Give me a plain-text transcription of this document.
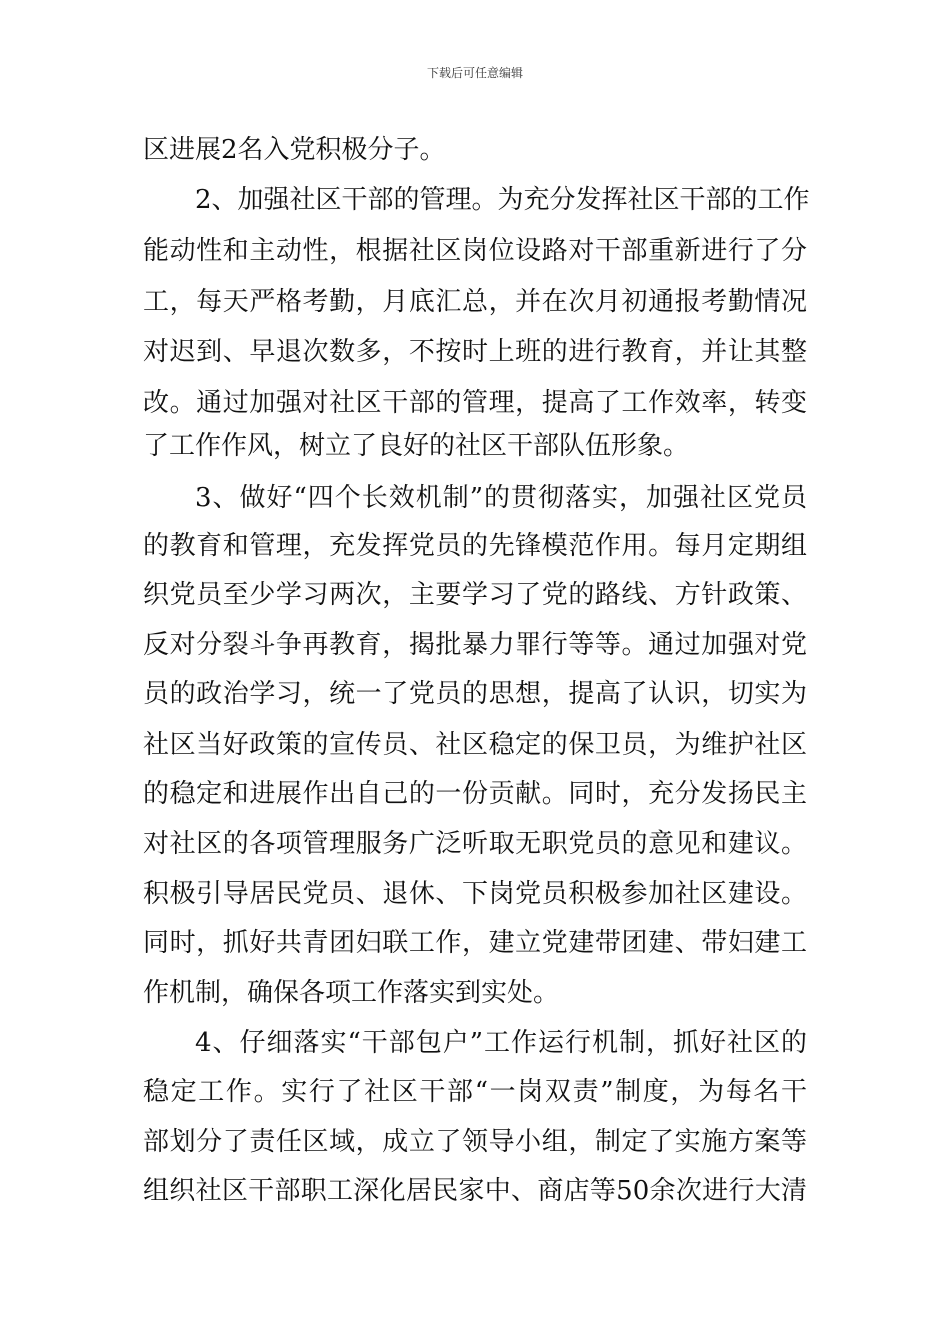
下载后可任意编辑
区进展2名入党积极分子。
2、加强社区干部的管理。为充分发挥社区干部的工作
能动性和主动性，根据社区岗位设路对干部重新进行了分
工，每天严格考勤，月底汇总，并在次月初通报考勤情况
对迟到、早退次数多，不按时上班的进行教育，并让其整
改。通过加强对社区干部的管理，提高了工作效率，转变
了工作作风，树立了良好的社区干部队伍形象。
3、做好“四个长效机制”的贯彻落实，加强社区党员
的教育和管理，充发挥党员的先锋模范作用。每月定期组
织党员至少学习两次，主要学习了党的路线、方针政策、
反对分裂斗争再教育，揭批暴力罪行等等。通过加强对党
员的政治学习，统一了党员的思想，提高了认识，切实为
社区当好政策的宣传员、社区稳定的保卫员，为维护社区
的稳定和进展作出自己的一份贡献。同时，充分发扬民主
对社区的各项管理服务广泛听取无职党员的意见和建议。
积极引导居民党员、退休、下岗党员积极参加社区建设。
同时，抓好共青团妇联工作，建立党建带团建、带妇建工
作机制，确保各项工作落实到实处。
4、仔细落实“干部包户”工作运行机制，抓好社区的
稳定工作。实行了社区干部“一岗双责”制度，为每名干
部划分了责任区域，成立了领导小组，制定了实施方案等
组织社区干部职工深化居民家中、商店等50余次进行大清
